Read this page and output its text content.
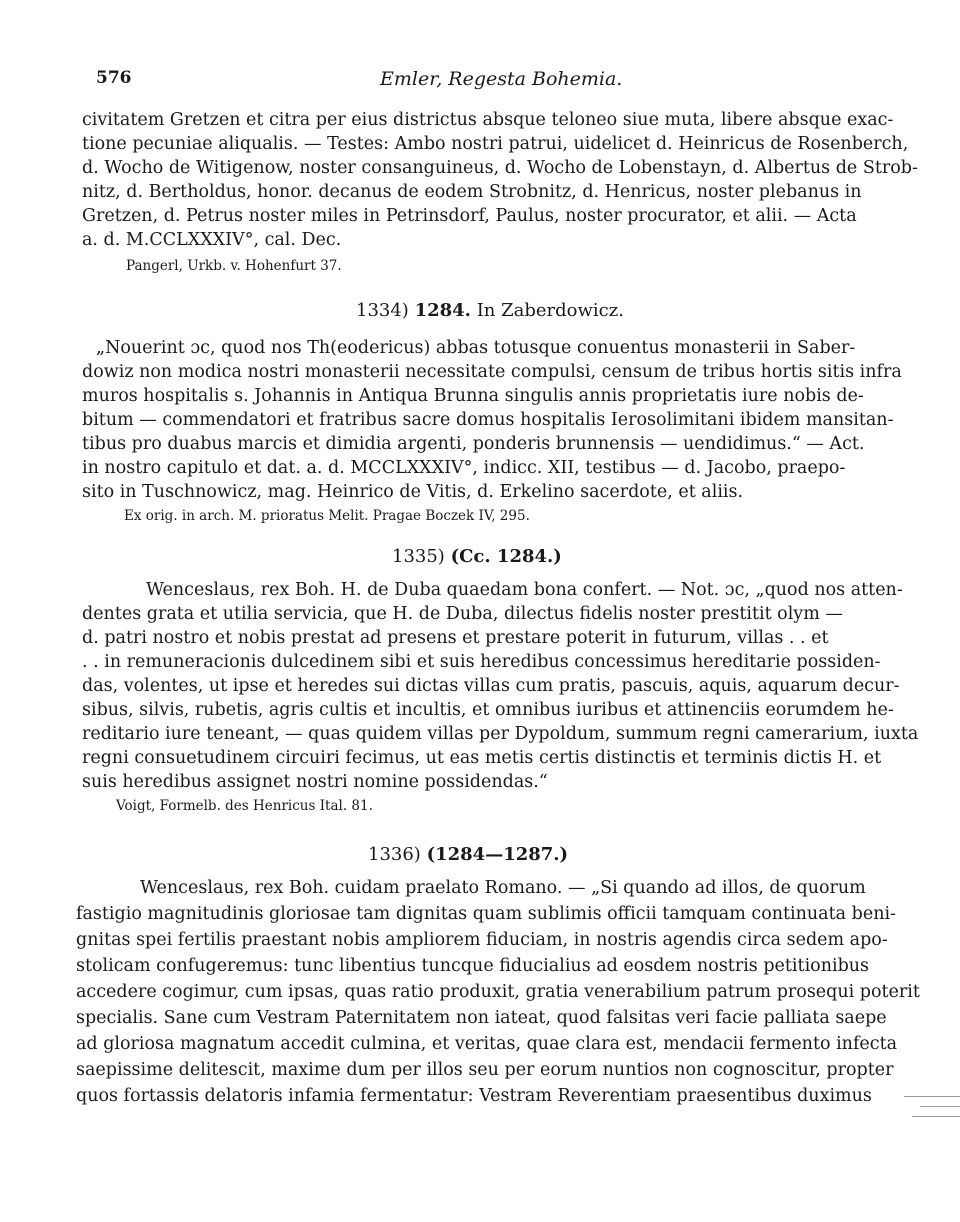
576	Emler, Regesta Bohemia.
civitatem Gretzen et citra per eius districtus absque teloneo siue muta, libere absque exac-
tione pecuniae aliqualis. — Testes: Ambo nostri patrui, uidelicet d. Heinricus de Rosenberch,
d. Wocho de Witigenow, noster consanguineus, d. Wocho de Lobenstayn, d. Albertus de Strob-
nitz, d. Bertholdus, honor. decanus de eodem Strobnitz, d. Henricus, noster plebanus in
Gretzen, d. Petrus noster miles in Petrinsdorf, Paulus, noster procurator, et alii. — Acta
a. d. M.CCLXXXIV°, cal. Dec.
Pangerl, Urkb. v. Hohenfurt 37.
1334) 1284. In Zaberdowicz.
„Nouerint ɔc, quod nos Th(eodericus) abbas totusque conuentus monasterii in Saber-
dowiz non modica nostri monasterii necessitate compulsi, censum de tribus hortis sitis infra
muros hospitalis s. Johannis in Antiqua Brunna singulis annis proprietatis iure nobis de-
bitum — commendatori et fratribus sacre domus hospitalis Ierosolimitani ibidem mansitan-
tibus pro duabus marcis et dimidia argenti, ponderis brunnensis — uendidimus.“ — Act.
in nostro capitulo et dat. a. d. MCCLXXXIV°, indicc. XII, testibus — d. Jacobo, praepo-
sito in Tuschnowicz, mag. Heinrico de Vitis, d. Erkelino sacerdote, et aliis.
Ex orig. in arch. M. prioratus Melit. Pragae Boczek IV, 295.
1335) (Cc. 1284.)
Wenceslaus, rex Boh. H. de Duba quaedam bona confert. — Not. ɔc, „quod nos atten-
dentes grata et utilia servicia, que H. de Duba, dilectus fidelis noster prestitit olym —
d. patri nostro et nobis prestat ad presens et prestare poterit in futurum, villas . . et
. . in remuneracionis dulcedinem sibi et suis heredibus concessimus hereditarie possiden-
das, volentes, ut ipse et heredes sui dictas villas cum pratis, pascuis, aquis, aquarum decur-
sibus, silvis, rubetis, agris cultis et incultis, et omnibus iuribus et attinenciis eorumdem he-
reditario iure teneant, — quas quidem villas per Dypoldum, summum regni camerarium, iuxta
regni consuetudinem circuiri fecimus, ut eas metis certis distinctis et terminis dictis H. et
suis heredibus assignet nostri nomine possidendas.“
Voigt, Formelb. des Henricus Ital. 81.
1336) (1284—1287.)
Wenceslaus, rex Boh. cuidam praelato Romano. — „Si quando ad illos, de quorum
fastigio magnitudinis gloriosae tam dignitas quam sublimis officii tamquam continuata beni-
gnitas spei fertilis praestant nobis ampliorem fiduciam, in nostris agendis circa sedem apo-
stolicam confugeremus: tunc libentius tuncque fiducialius ad eosdem nostris petitionibus
accedere cogimur, cum ipsas, quas ratio produxit, gratia venerabilium patrum prosequi poterit
specialis. Sane cum Vestram Paternitatem non iateat, quod falsitas veri facie palliata saepe
ad gloriosa magnatum accedit culmina, et veritas, quae clara est, mendacii fermento infecta
saepissime delitescit, maxime dum per illos seu per eorum nuntios non cognoscitur, propter
quos fortassis delatoris infamia fermentatur: Vestram Reverentiam praesentibus duximus
